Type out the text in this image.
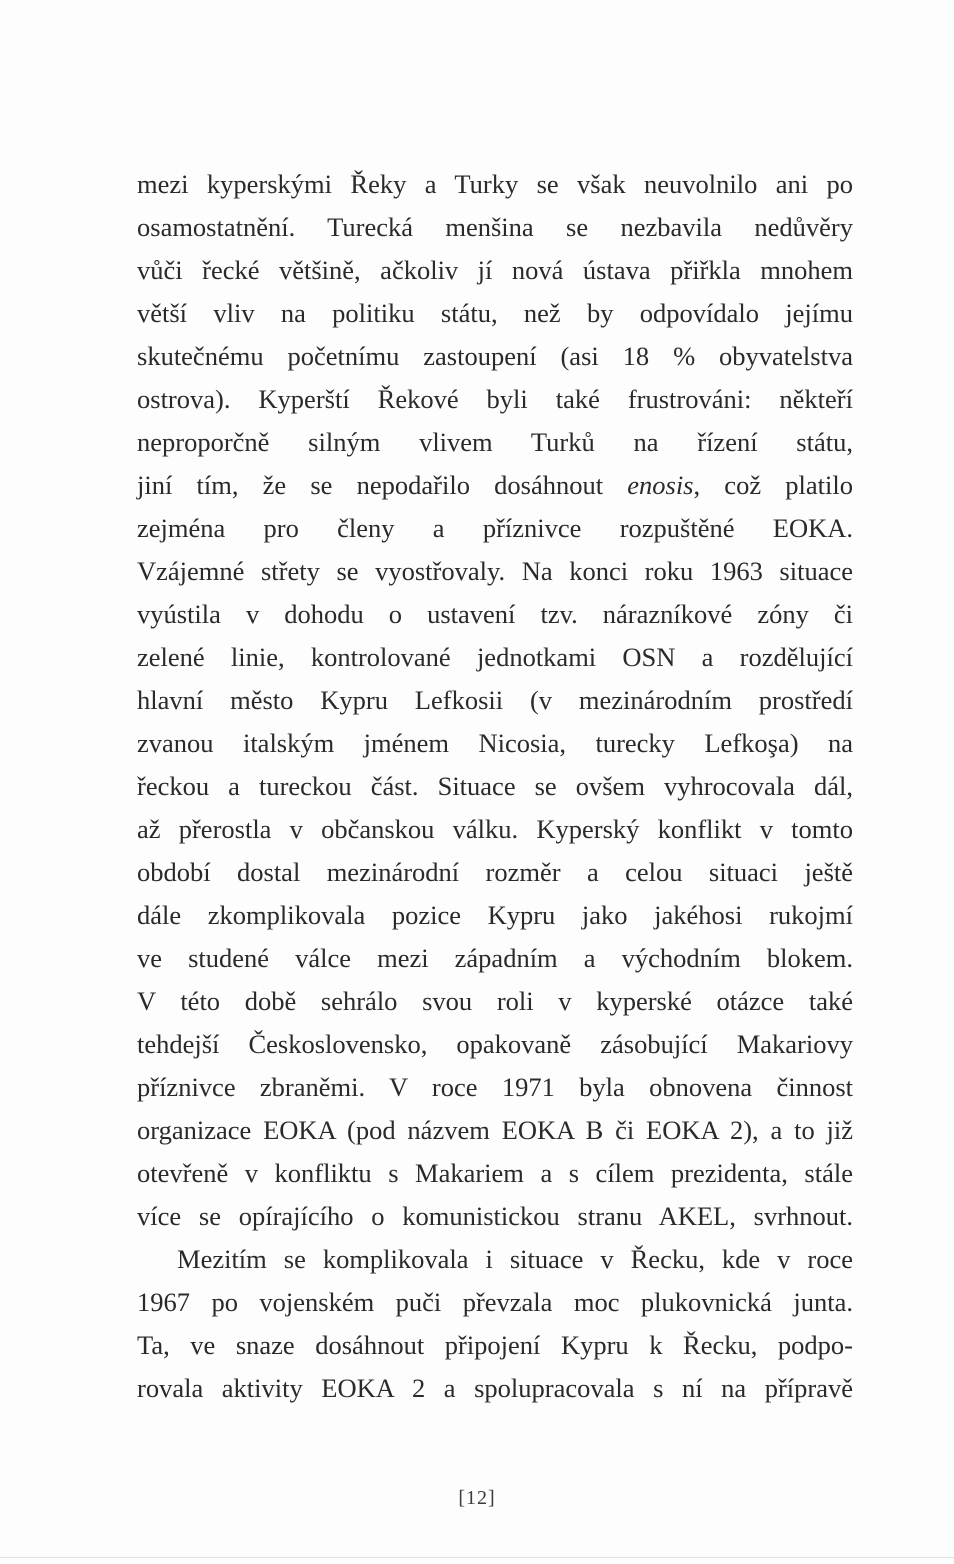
mezi kyperskými Řeky a Turky se však neuvolnilo ani po
osamostatnění. Turecká menšina se nezbavila nedůvěry
vůči řecké většině, ačkoliv jí nová ústava přiřkla mnohem
větší vliv na politiku státu, než by odpovídalo jejímu
skutečnému početnímu zastoupení (asi 18 % obyvatelstva
ostrova). Kyperští Řekové byli také frustrováni: někteří
neproporčně silným vlivem Turků na řízení státu,
jiní tím, že se nepodařilo dosáhnout enosis, což platilo
zejména pro členy a příznivce rozpuštěné EOKA.
Vzájemné střety se vyostřovaly. Na konci roku 1963 situace
vyústila v dohodu o ustavení tzv. nárazníkové zóny či
zelené linie, kontrolované jednotkami OSN a rozdělující
hlavní město Kypru Lefkosii (v mezinárodním prostředí
zvanou italským jménem Nicosia, turecky Lefkoşa) na
řeckou a tureckou část. Situace se ovšem vyhrocovala dál,
až přerostla v občanskou válku. Kyperský konflikt v tomto
období dostal mezinárodní rozměr a celou situaci ještě
dále zkomplikovala pozice Kypru jako jakéhosi rukojmí
ve studené válce mezi západním a východním blokem.
V této době sehrálo svou roli v kyperské otázce také
tehdejší Československo, opakovaně zásobující Makariovy
příznivce zbraněmi. V roce 1971 byla obnovena činnost
organizace EOKA (pod názvem EOKA B či EOKA 2), a to již
otevřeně v konfliktu s Makariem a s cílem prezidenta, stále
více se opírajícího o komunistickou stranu AKEL, svrhnout.
Mezitím se komplikovala i situace v Řecku, kde v roce
1967 po vojenském puči převzala moc plukovnická junta.
Ta, ve snaze dosáhnout připojení Kypru k Řecku, podpo-
rovala aktivity EOKA 2 a spolupracovala s ní na přípravě
[12]
